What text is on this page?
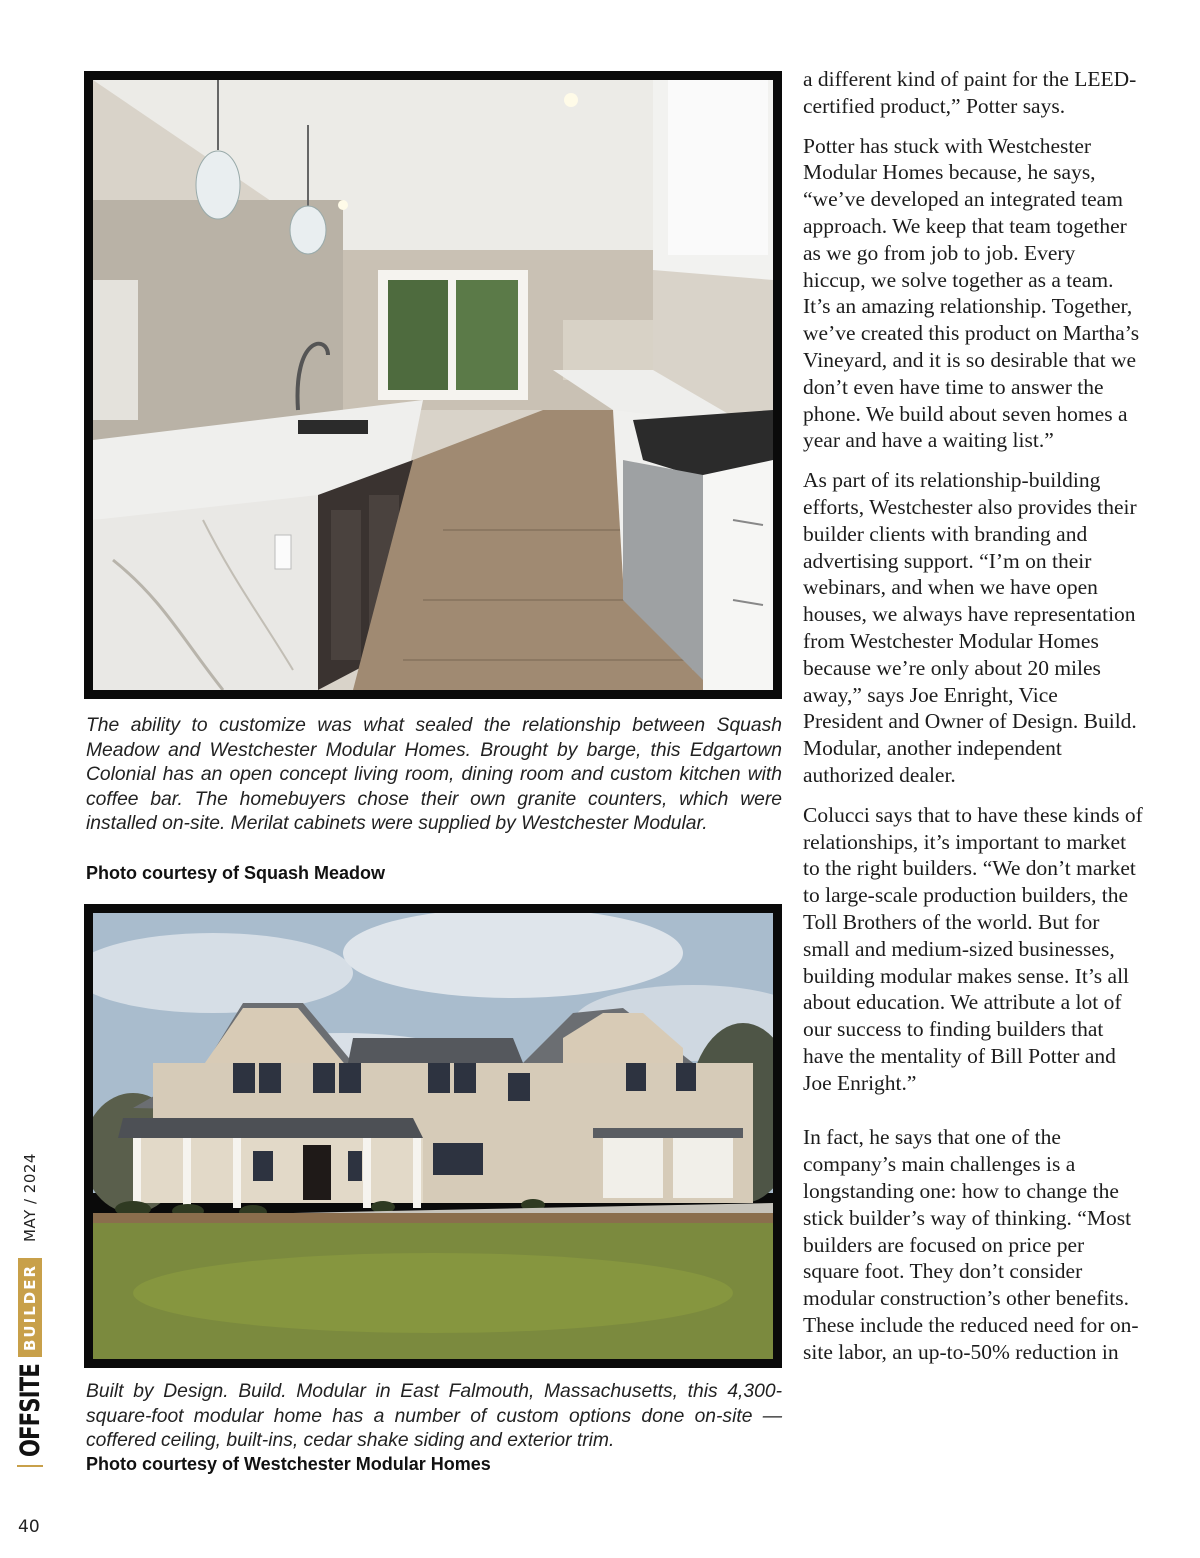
The ability to customize was what sealed the relationship between Squash Meadow and Westchester Modular Homes. Brought by barge, this Edgartown Colonial has an open concept living room, dining room and custom kitchen with coffee bar. The homebuyers chose their own granite counters, which were installed on-site. Merilat cabinets were supplied by Westchester Modular.

Photo courtesy of Squash Meadow

Built by Design. Build. Modular in East Falmouth, Massachusetts, this 4,300-square-foot modular home has a number of custom options done on-site — coffered ceiling, built-ins, cedar shake siding and exterior trim.

Photo courtesy of Westchester Modular Homes

a different kind of paint for the LEED-certified product,” Potter says.

Potter has stuck with Westchester Modular Homes because, he says, “we’ve developed an integrated team approach. We keep that team together as we go from job to job. Every hiccup, we solve together as a team. It’s an amazing relationship. Together, we’ve created this product on Martha’s Vineyard, and it is so desirable that we don’t even have time to answer the phone. We build about seven homes a year and have a waiting list.”

As part of its relationship-building efforts, Westchester also provides their builder clients with branding and advertising support. “I’m on their webinars, and when we have open houses, we always have representation from Westchester Modular Homes because we’re only about 20 miles away,” says Joe Enright, Vice President and Owner of Design. Build. Modular, another independent authorized dealer.

Colucci says that to have these kinds of relationships, it’s important to market to the right builders. “We don’t market to large-scale production builders, the Toll Brothers of the world. But for small and medium-sized businesses, building modular makes sense. It’s all about education. We attribute a lot of our success to finding builders that have the mentality of Bill Potter and Joe Enright.”

In fact, he says that one of the company’s main challenges is a longstanding one: how to change the stick builder’s way of thinking. “Most builders are focused on price per square foot. They don’t consider modular construction’s other benefits. These include the reduced need for on-site labor, an up-to-50% reduction in

OFFSITE
BUILDER
MAY / 2024
40
